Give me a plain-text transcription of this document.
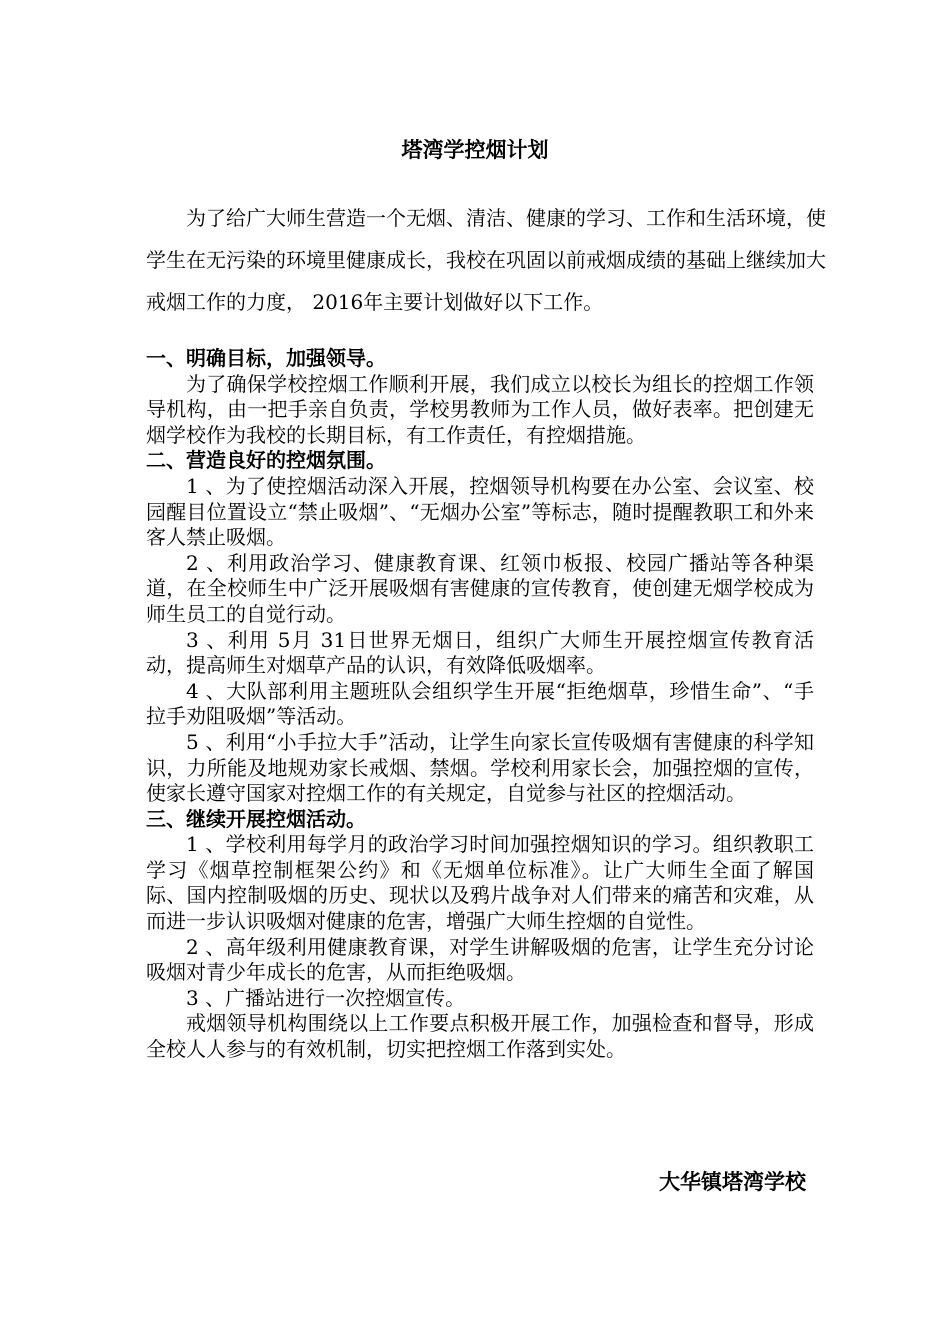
塔湾学控烟计划

为了给广大师生营造一个无烟、清洁、健康的学习、工作和生活环境，使学生在无污染的环境里健康成长，我校在巩固以前戒烟成绩的基础上继续加大戒烟工作的力度， 2016年主要计划做好以下工作。

一、明确目标，加强领导。

为了确保学校控烟工作顺利开展，我们成立以校长为组长的控烟工作领导机构，由一把手亲自负责，学校男教师为工作人员，做好表率。把创建无烟学校作为我校的长期目标，有工作责任，有控烟措施。

二、营造良好的控烟氛围。

1 、为了使控烟活动深入开展，控烟领导机构要在办公室、会议室、校园醒目位置设立“禁止吸烟”、“无烟办公室”等标志，随时提醒教职工和外来客人禁止吸烟。

2 、利用政治学习、健康教育课、红领巾板报、校园广播站等各种渠道，在全校师生中广泛开展吸烟有害健康的宣传教育，使创建无烟学校成为师生员工的自觉行动。

3 、利用 5月 31日世界无烟日，组织广大师生开展控烟宣传教育活动，提高师生对烟草产品的认识，有效降低吸烟率。

4 、大队部利用主题班队会组织学生开展“拒绝烟草，珍惜生命”、“手拉手劝阻吸烟”等活动。

5 、利用“小手拉大手”活动，让学生向家长宣传吸烟有害健康的科学知识，力所能及地规劝家长戒烟、禁烟。学校利用家长会，加强控烟的宣传，使家长遵守国家对控烟工作的有关规定，自觉参与社区的控烟活动。

三、继续开展控烟活动。

1 、学校利用每学月的政治学习时间加强控烟知识的学习。组织教职工学习《烟草控制框架公约》和《无烟单位标准》。让广大师生全面了解国际、国内控制吸烟的历史、现状以及鸦片战争对人们带来的痛苦和灾难，从而进一步认识吸烟对健康的危害，增强广大师生控烟的自觉性。

2 、高年级利用健康教育课，对学生讲解吸烟的危害，让学生充分讨论吸烟对青少年成长的危害，从而拒绝吸烟。

3 、广播站进行一次控烟宣传。

戒烟领导机构围绕以上工作要点积极开展工作，加强检查和督导，形成全校人人参与的有效机制，切实把控烟工作落到实处。

大华镇塔湾学校
